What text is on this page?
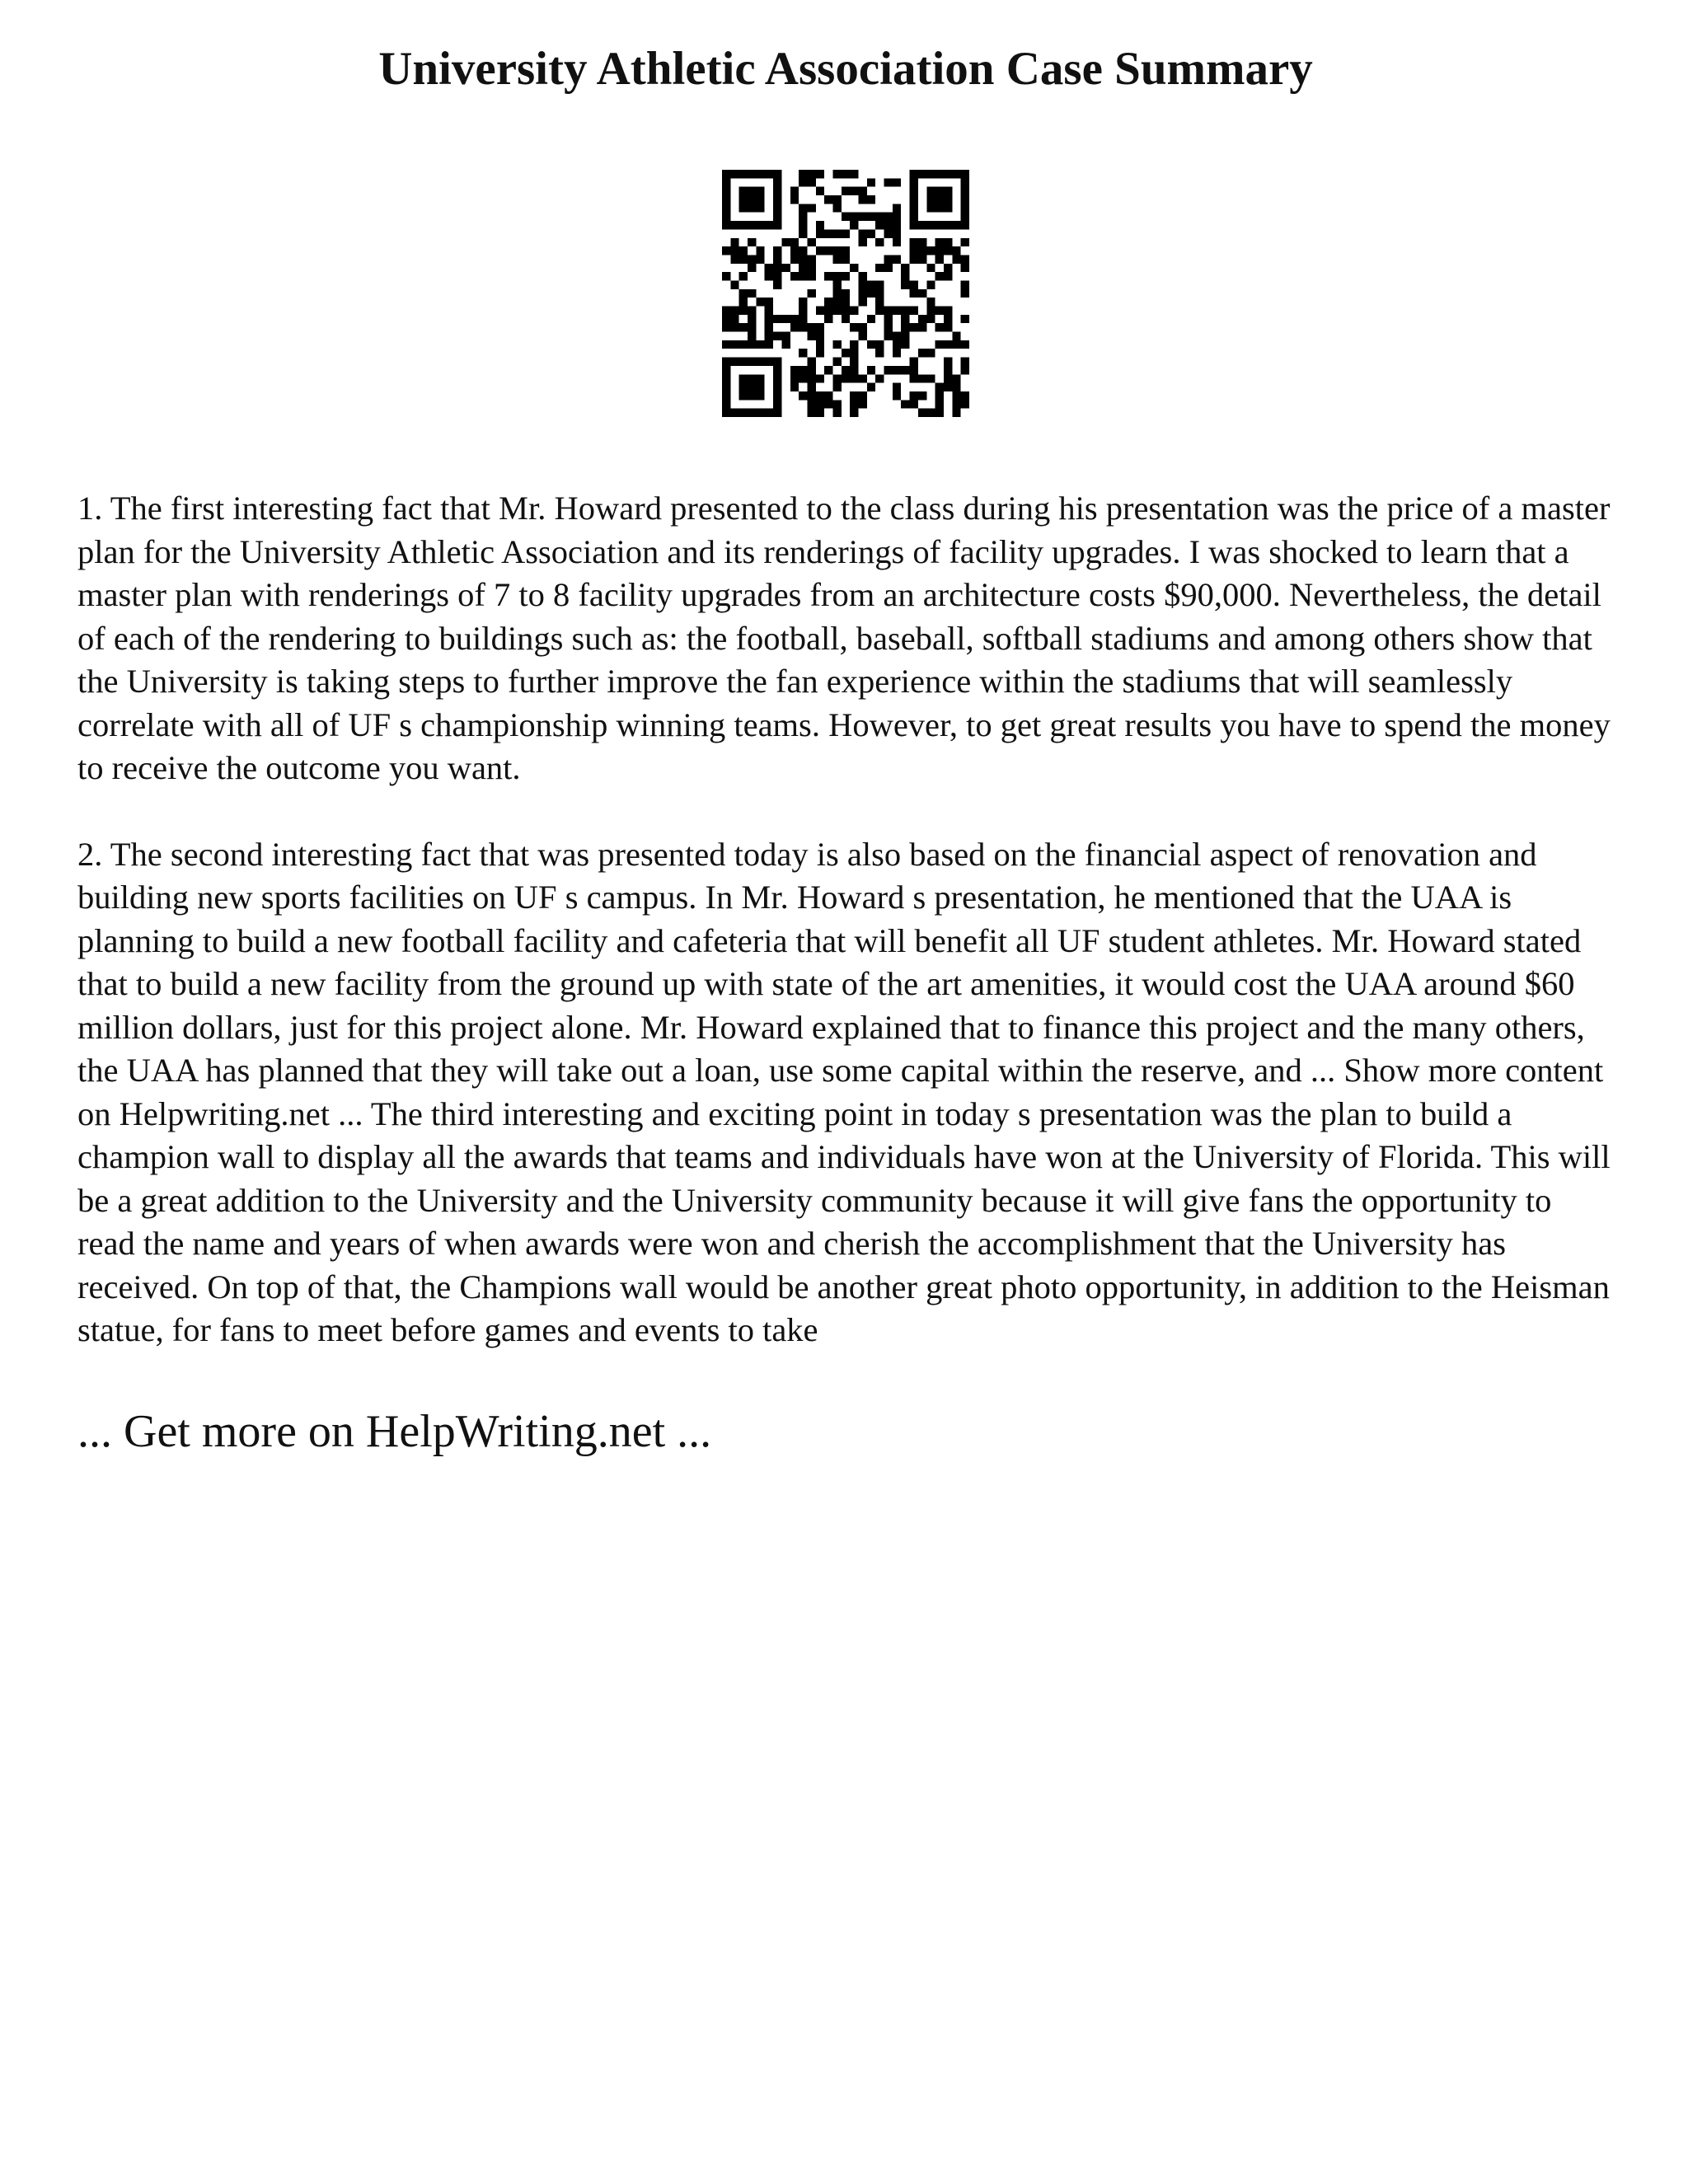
University Athletic Association Case Summary

1. The first interesting fact that Mr. Howard presented to the class during his presentation was the price of a master plan for the University Athletic Association and its renderings of facility upgrades. I was shocked to learn that a master plan with renderings of 7 to 8 facility upgrades from an architecture costs $90,000. Nevertheless, the detail of each of the rendering to buildings such as: the football, baseball, softball stadiums and among others show that the University is taking steps to further improve the fan experience within the stadiums that will seamlessly correlate with all of UF s championship winning teams. However, to get great results you have to spend the money to receive the outcome you want.

2. The second interesting fact that was presented today is also based on the financial aspect of renovation and building new sports facilities on UF s campus. In Mr. Howard s presentation, he mentioned that the UAA is planning to build a new football facility and cafeteria that will benefit all UF student athletes. Mr. Howard stated that to build a new facility from the ground up with state of the art amenities, it would cost the UAA around $60 million dollars, just for this project alone. Mr. Howard explained that to finance this project and the many others, the UAA has planned that they will take out a loan, use some capital within the reserve, and ... Show more content on Helpwriting.net ... The third interesting and exciting point in today s presentation was the plan to build a champion wall to display all the awards that teams and individuals have won at the University of Florida. This will be a great addition to the University and the University community because it will give fans the opportunity to read the name and years of when awards were won and cherish the accomplishment that the University has received. On top of that, the Champions wall would be another great photo opportunity, in addition to the Heisman statue, for fans to meet before games and events to take

... Get more on HelpWriting.net ...
